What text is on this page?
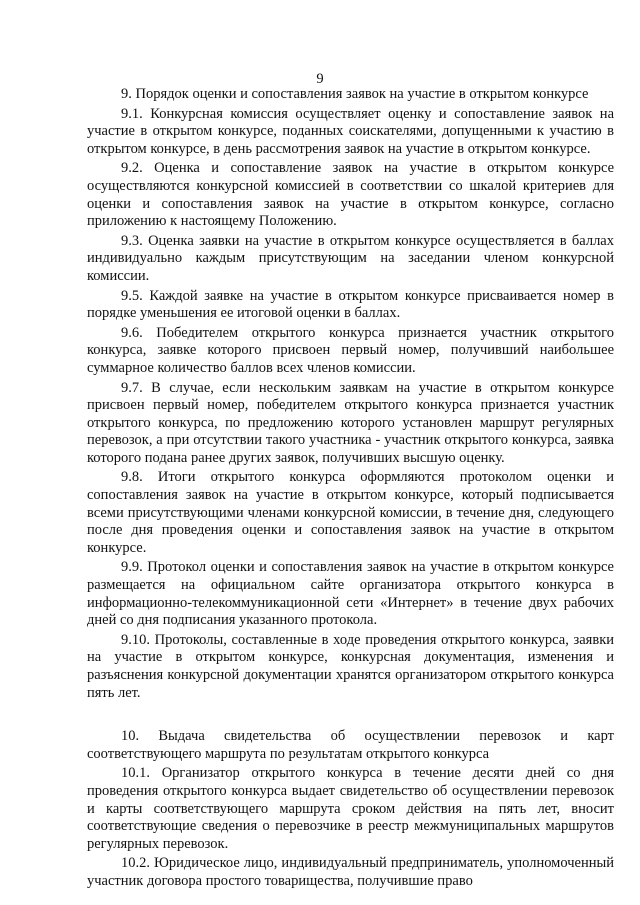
9

9. Порядок оценки и сопоставления заявок на участие в открытом конкурсе

9.1. Конкурсная комиссия осуществляет оценку и сопоставление заявок на участие в открытом конкурсе, поданных соискателями, допущенными к участию в открытом конкурсе, в день рассмотрения заявок на участие в открытом конкурсе.

9.2. Оценка и сопоставление заявок на участие в открытом конкурсе осуществляются конкурсной комиссией в соответствии со шкалой критериев для оценки и сопоставления заявок на участие в открытом конкурсе, согласно приложению к настоящему Положению.

9.3. Оценка заявки на участие в открытом конкурсе осуществляется в баллах индивидуально каждым присутствующим на заседании членом конкурсной комиссии.

9.5. Каждой заявке на участие в открытом конкурсе присваивается номер в порядке уменьшения ее итоговой оценки в баллах.

9.6. Победителем открытого конкурса признается участник открытого конкурса, заявке которого присвоен первый номер, получивший наибольшее суммарное количество баллов всех членов комиссии.

9.7. В случае, если нескольким заявкам на участие в открытом конкурсе присвоен первый номер, победителем открытого конкурса признается участник открытого конкурса, по предложению которого установлен маршрут регулярных перевозок, а при отсутствии такого участника - участник открытого конкурса, заявка которого подана ранее других заявок, получивших высшую оценку.

9.8. Итоги открытого конкурса оформляются протоколом оценки и сопоставления заявок на участие в открытом конкурсе, который подписывается всеми присутствующими членами конкурсной комиссии, в течение дня, следующего после дня проведения оценки и сопоставления заявок на участие в открытом конкурсе.

9.9. Протокол оценки и сопоставления заявок на участие в открытом конкурсе размещается на официальном сайте организатора открытого конкурса в информационно-телекоммуникационной сети «Интернет» в течение двух рабочих дней со дня подписания указанного протокола.

9.10. Протоколы, составленные в ходе проведения открытого конкурса, заявки на участие в открытом конкурсе, конкурсная документация, изменения и разъяснения конкурсной документации хранятся организатором открытого конкурса пять лет.

10. Выдача свидетельства об осуществлении перевозок и карт соответствующего маршрута по результатам открытого конкурса

10.1. Организатор открытого конкурса в течение десяти дней со дня проведения открытого конкурса выдает свидетельство об осуществлении перевозок и карты соответствующего маршрута сроком действия на пять лет, вносит соответствующие сведения о перевозчике в реестр межмуниципальных маршрутов регулярных перевозок.

10.2. Юридическое лицо, индивидуальный предприниматель, уполномоченный участник договора простого товарищества, получившие право
